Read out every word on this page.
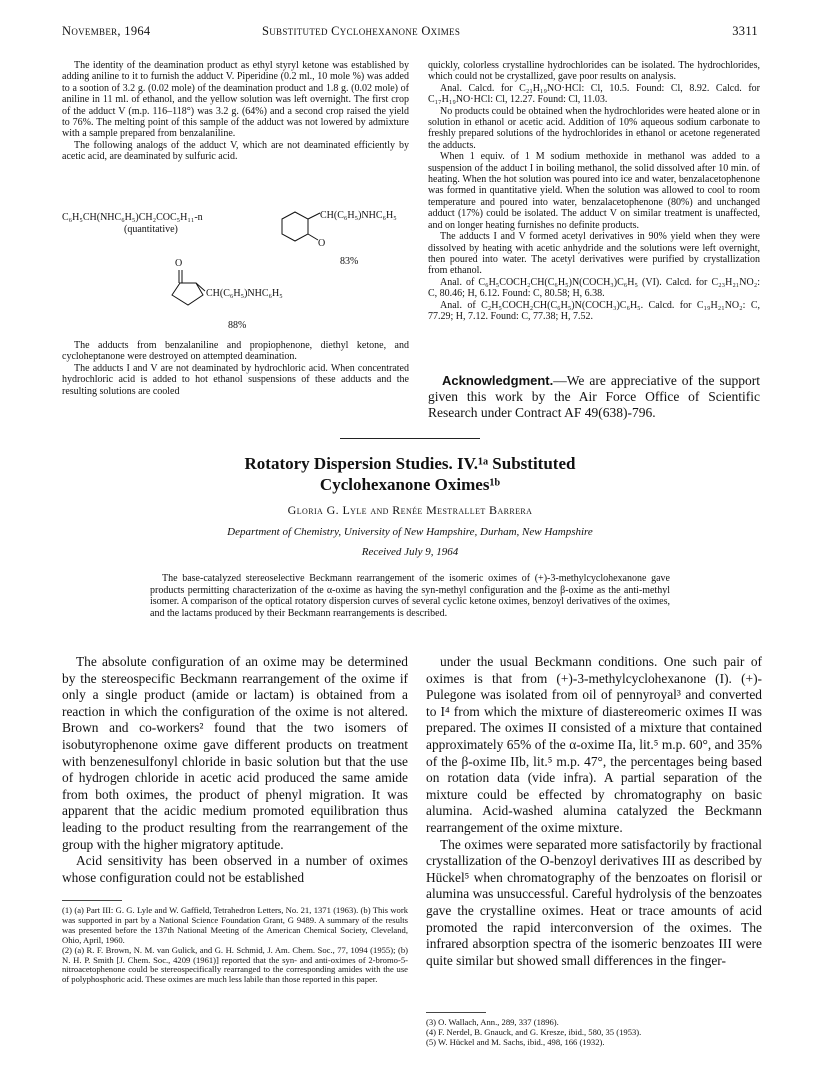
November, 1964	Substituted Cyclohexanone Oximes	3311

The identity of the deamination product as ethyl styryl ketone was established by adding aniline to it to furnish the adduct V. Piperidine (0.2 ml., 10 mole %) was added to a sootion of 3.2 g. (0.02 mole) of the deamination product and 1.8 g. (0.02 mole) of aniline in 11 ml. of ethanol, and the yellow solution was left overnight. The first crop of the adduct V (m.p. 116–118°) was 3.2 g. (64%) and a second crop raised the yield to 76%. The melting point of this sample of the adduct was not lowered by admixture with a sample prepared from benzalaniline.

The following analogs of the adduct V, which are not deaminated efficiently by acetic acid, are deaminated by sulfuric acid.

C₆H₅CH(NHC₆H₅)CH₂COC₅H₁₁-n
(quantitative)
CH(C₆H₅)NHC₆H₅
O
83%
O
CH(C₆H₅)NHC₆H₅
88%

The adducts from benzalaniline and propiophenone, diethyl ketone, and cycloheptanone were destroyed on attempted deamination.

The adducts I and V are not deaminated by hydrochloric acid. When concentrated hydrochloric acid is added to hot ethanol suspensions of these adducts and the resulting solutions are cooled

quickly, colorless crystalline hydrochlorides can be isolated. The hydrochlorides, which could not be crystallized, gave poor results on analysis.

Anal. Calcd. for C₂₁H₁₉NO·HCl: Cl, 10.5. Found: Cl, 8.92. Calcd. for C₁₇H₁₉NO·HCl: Cl, 12.27. Found: Cl, 11.03.

No products could be obtained when the hydrochlorides were heated alone or in solution in ethanol or acetic acid. Addition of 10% aqueous sodium carbonate to freshly prepared solutions of the hydrochlorides in ethanol or acetone regenerated the adducts.

When 1 equiv. of 1 M sodium methoxide in methanol was added to a suspension of the adduct I in boiling methanol, the solid dissolved after 10 min. of heating. When the hot solution was poured into ice and water, benzalacetophenone was formed in quantitative yield. When the solution was allowed to cool to room temperature and poured into water, benzalacetophenone (80%) and unchanged adduct (17%) could be isolated. The adduct V on similar treatment is unaffected, and on longer heating furnishes no definite products.

The adducts I and V formed acetyl derivatives in 90% yield when they were dissolved by heating with acetic anhydride and the solutions were left overnight, then poured into water. The acetyl derivatives were purified by crystallization from ethanol.

Anal. of C₆H₅COCH₂CH(C₆H₅)N(COCH₃)C₆H₅ (VI). Calcd. for C₂₃H₂₁NO₂: C, 80.46; H, 6.12. Found: C, 80.58; H, 6.38.

Anal. of C₂H₅COCH₂CH(C₆H₅)N(COCH₃)C₆H₅. Calcd. for C₁₉H₂₁NO₂: C, 77.29; H, 7.12. Found: C, 77.38; H, 7.52.

Acknowledgment.—We are appreciative of the support given this work by the Air Force Office of Scientific Research under Contract AF 49(638)-796.
Rotatory Dispersion Studies. IV.¹ᵃ Substituted
Cyclohexanone Oximes¹ᵇ
Gloria G. Lyle and Renée Mestrallet Barrera
Department of Chemistry, University of New Hampshire, Durham, New Hampshire
Received July 9, 1964
The base-catalyzed stereoselective Beckmann rearrangement of the isomeric oximes of (+)-3-methylcyclohexanone gave products permitting characterization of the α-oxime as having the syn-methyl configuration and the β-oxime as the anti-methyl isomer. A comparison of the optical rotatory dispersion curves of several cyclic ketone oximes, benzoyl derivatives of the oximes, and the lactams produced by their Beckmann rearrangements is described.

The absolute configuration of an oxime may be determined by the stereospecific Beckmann rearrangement of the oxime if only a single product (amide or lactam) is obtained from a reaction in which the configuration of the oxime is not altered. Brown and co-workers² found that the two isomers of isobutyrophenone oxime gave different products on treatment with benzenesulfonyl chloride in basic solution but that the use of hydrogen chloride in acetic acid produced the same amide from both oximes, the product of phenyl migration. It was apparent that the acidic medium promoted equilibration thus leading to the product resulting from the rearrangement of the group with the higher migratory aptitude.

Acid sensitivity has been observed in a number of oximes whose configuration could not be established

under the usual Beckmann conditions. One such pair of oximes is that from (+)-3-methylcyclohexanone (I). (+)-Pulegone was isolated from oil of pennyroyal³ and converted to I⁴ from which the mixture of diastereomeric oximes II was prepared. The oximes II consisted of a mixture that contained approximately 65% of the α-oxime IIa, lit.⁵ m.p. 60°, and 35% of the β-oxime IIb, lit.⁵ m.p. 47°, the percentages being based on rotation data (vide infra). A partial separation of the mixture could be effected by chromatography on basic alumina. Acid-washed alumina catalyzed the Beckmann rearrangement of the oxime mixture.

The oximes were separated more satisfactorily by fractional crystallization of the O-benzoyl derivatives III as described by Hückel⁵ when chromatography of the benzoates on florisil or alumina was unsuccessful. Careful hydrolysis of the benzoates gave the crystalline oximes. Heat or trace amounts of acid promoted the rapid interconversion of the oximes. The infrared absorption spectra of the isomeric benzoates III were quite similar but showed small differences in the finger-

(1) (a) Part III: G. G. Lyle and W. Gaffield, Tetrahedron Letters, No. 21, 1371 (1963). (b) This work was supported in part by a National Science Foundation Grant, G 9489. A summary of the results was presented before the 137th National Meeting of the American Chemical Society, Cleveland, Ohio, April, 1960.

(2) (a) R. F. Brown, N. M. van Gulick, and G. H. Schmid, J. Am. Chem. Soc., 77, 1094 (1955); (b) N. H. P. Smith [J. Chem. Soc., 4209 (1961)] reported that the syn- and anti-oximes of 2-bromo-5-nitroacetophenone could be stereospecifically rearranged to the corresponding amides with the use of polyphosphoric acid. These oximes are much less labile than those reported in this paper.

(3) O. Wallach, Ann., 289, 337 (1896).

(4) F. Nerdel, B. Gnauck, and G. Kresze, ibid., 580, 35 (1953).

(5) W. Hückel and M. Sachs, ibid., 498, 166 (1932).
